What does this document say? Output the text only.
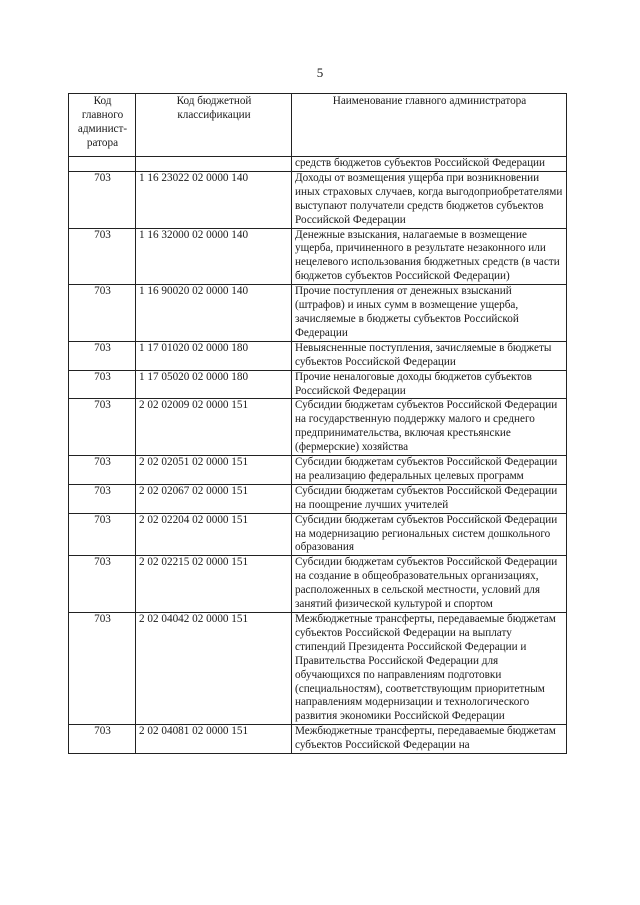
5
Код главного админист-ратора	Код бюджетной классификации	Наименование главного администратора
		средств бюджетов субъектов Российской Федерации
703	1 16 23022 02 0000 140	Доходы от возмещения ущерба при возникновении иных страховых случаев, когда выгодоприобретателями выступают получатели средств бюджетов субъектов Российской Федерации
703	1 16 32000 02 0000 140	Денежные взыскания, налагаемые в возмещение ущерба, причиненного в результате незаконного или нецелевого использования бюджетных средств (в части бюджетов субъектов Российской Федерации)
703	1 16 90020 02 0000 140	Прочие поступления от денежных взысканий (штрафов) и иных сумм в возмещение ущерба, зачисляемые в бюджеты субъектов Российской Федерации
703	1 17 01020 02 0000 180	Невыясненные поступления, зачисляемые в бюджеты субъектов Российской Федерации
703	1 17 05020 02 0000 180	Прочие неналоговые доходы бюджетов субъектов Российской Федерации
703	2 02 02009 02 0000 151	Субсидии бюджетам субъектов Российской Федерации на государственную поддержку малого и среднего предпринимательства, включая крестьянские (фермерские) хозяйства
703	2 02 02051 02 0000 151	Субсидии бюджетам субъектов Российской Федерации на реализацию федеральных целевых программ
703	2 02 02067 02 0000 151	Субсидии бюджетам субъектов Российской Федерации на поощрение лучших учителей
703	2 02 02204 02 0000 151	Субсидии бюджетам субъектов Российской Федерации на модернизацию региональных систем дошкольного образования
703	2 02 02215 02 0000 151	Субсидии бюджетам субъектов Российской Федерации на создание в общеобразовательных организациях, расположенных в сельской местности, условий для занятий физической культурой и спортом
703	2 02 04042 02 0000 151	Межбюджетные трансферты, передаваемые бюджетам субъектов Российской Федерации на выплату стипендий Президента Российской Федерации и Правительства Российской Федерации для обучающихся по направлениям подготовки (специальностям), соответствующим приоритетным направлениям модернизации и технологического развития экономики Российской Федерации
703	2 02 04081 02 0000 151	Межбюджетные трансферты, передаваемые бюджетам субъектов Российской Федерации на
